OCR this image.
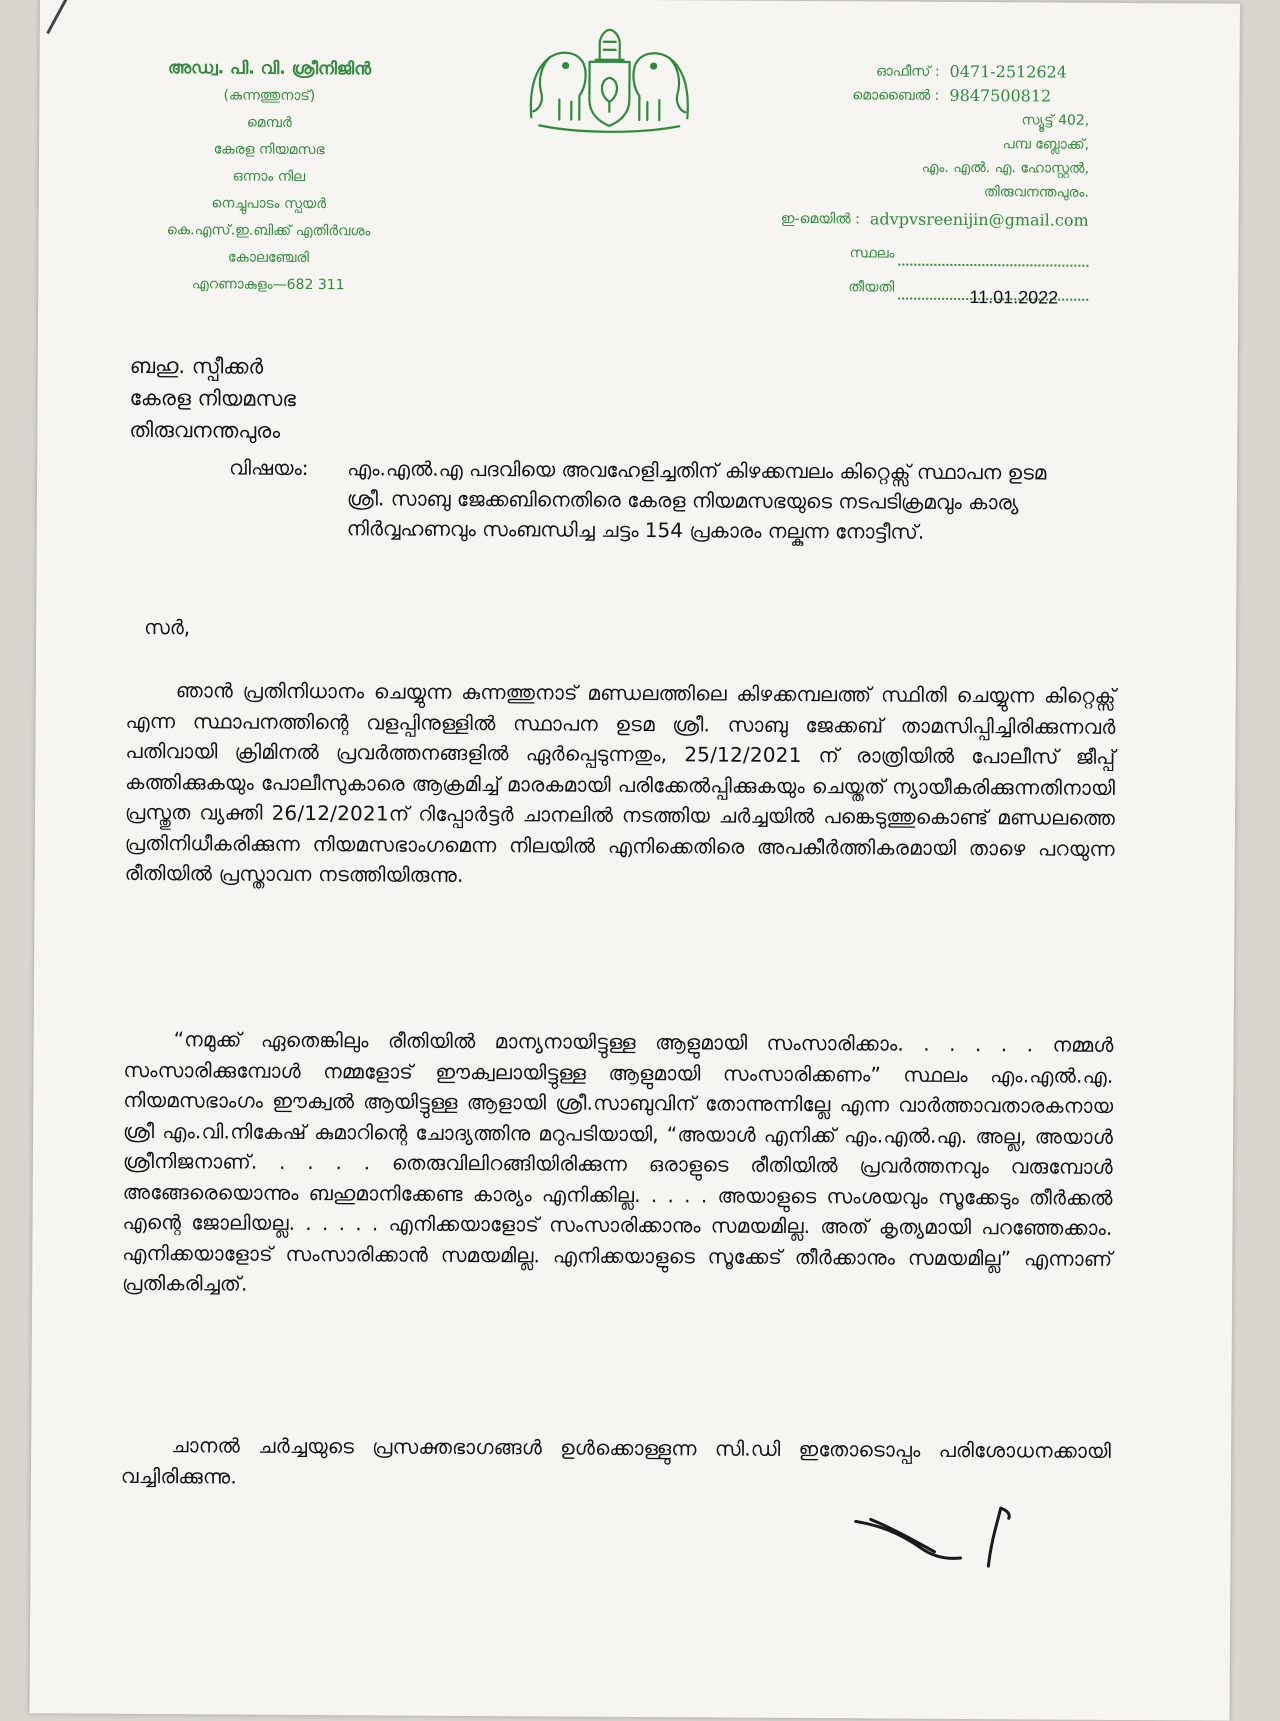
അഡ്വ. പി. വി. ശ്രീനിജിൻ
(കുന്നത്തുനാട്)
മെമ്പർ
കേരള നിയമസഭ
ഒന്നാം നില
നെച്ചുപാടം സ്പയർ
കെ.എസ്.ഇ.ബിക്ക് എതിർവശം
കോലഞ്ചേരി
എറണാകുളം—682 311
ഓഫീസ് : 0471-2512624
മൊബൈൽ : 9847500812
സ്യൂട്ട് 402,
പമ്പ ബ്ലോക്ക്,
എം. എൽ. എ. ഹോസ്റ്റൽ,
തിരുവനന്തപുരം.
ഇ-മെയിൽ : advpvsreenijin@gmail.com
സ്ഥലം
തീയതി	11.01.2022
ബഹു. സ്പീക്കർ
കേരള നിയമസഭ
തിരുവനന്തപുരം
വിഷയം:	എം.എൽ.എ പദവിയെ അവഹേളിച്ചതിന് കിഴക്കമ്പലം കിറ്റെക്സ് സ്ഥാപന ഉടമ ശ്രീ. സാബു ജേക്കബിനെതിരെ കേരള നിയമസഭയുടെ നടപടിക്രമവും കാര്യ നിർവ്വഹണവും സംബന്ധിച്ച ചട്ടം 154 പ്രകാരം നല്കുന്ന നോട്ടീസ്.
സർ,
ഞാൻ പ്രതിനിധാനം ചെയ്യുന്ന കുന്നത്തുനാട് മണ്ഡലത്തിലെ കിഴക്കമ്പലത്ത് സ്ഥിതി ചെയ്യുന്ന കിറ്റെക്സ് എന്ന സ്ഥാപനത്തിന്റെ വളപ്പിനുള്ളിൽ സ്ഥാപന ഉടമ ശ്രീ. സാബു ജേക്കബ് താമസിപ്പിച്ചിരിക്കുന്നവർ പതിവായി ക്രിമിനൽ പ്രവർത്തനങ്ങളിൽ ഏർപ്പെടുന്നതും, 25/12/2021 ന് രാത്രിയിൽ പോലീസ് ജീപ്പ് കത്തിക്കുകയും പോലീസുകാരെ ആക്രമിച്ച് മാരകമായി പരിക്കേൽപ്പിക്കുകയും ചെയ്തത് ന്യായീകരിക്കുന്നതിനായി പ്രസ്തുത വ്യക്തി 26/12/2021ന് റിപ്പോർട്ടർ ചാനലിൽ നടത്തിയ ചർച്ചയിൽ പങ്കെടുത്തുകൊണ്ട് മണ്ഡലത്തെ പ്രതിനിധീകരിക്കുന്ന നിയമസഭാംഗമെന്ന നിലയിൽ എനിക്കെതിരെ അപകീർത്തികരമായി താഴെ പറയുന്ന രീതിയിൽ പ്രസ്താവന നടത്തിയിരുന്നു.
“നമുക്ക് ഏതെങ്കിലും രീതിയിൽ മാന്യനായിട്ടുള്ള ആളുമായി സംസാരിക്കാം. . . . . . നമ്മൾ സംസാരിക്കുമ്പോൾ നമ്മളോട് ഈക്വലായിട്ടുള്ള ആളുമായി സംസാരിക്കണം” സ്ഥലം എം.എൽ.എ. നിയമസഭാംഗം ഈക്വൽ ആയിട്ടുള്ള ആളായി ശ്രീ.സാബുവിന് തോന്നുന്നില്ലേ എന്ന വാർത്താവതാരകനായ ശ്രീ എം.വി.നികേഷ് കുമാറിന്റെ ചോദ്യത്തിനു മറുപടിയായി, “അയാൾ എനിക്ക് എം.എൽ.എ. അല്ല, അയാൾ ശ്രീനിജനാണ്. . . . . തെരുവിലിറങ്ങിയിരിക്കുന്ന ഒരാളുടെ രീതിയിൽ പ്രവർത്തനവും വരുമ്പോൾ അങ്ങേരെയൊന്നും ബഹുമാനിക്കേണ്ട കാര്യം എനിക്കില്ല. . . . . അയാളുടെ സംശയവും സൂക്കേടും തീർക്കൽ എന്റെ ജോലിയല്ല. . . . . . എനിക്കയാളോട് സംസാരിക്കാനും സമയമില്ല. അത് കൃത്യമായി പറഞ്ഞേക്കാം. എനിക്കയാളോട് സംസാരിക്കാൻ സമയമില്ല. എനിക്കയാളുടെ സൂക്കേട് തീർക്കാനും സമയമില്ല” എന്നാണ് പ്രതികരിച്ചത്.
ചാനൽ ചർച്ചയുടെ പ്രസക്തഭാഗങ്ങൾ ഉൾക്കൊള്ളുന്ന സി.ഡി ഇതോടൊപ്പം പരിശോധനക്കായി വച്ചിരിക്കുന്നു.
